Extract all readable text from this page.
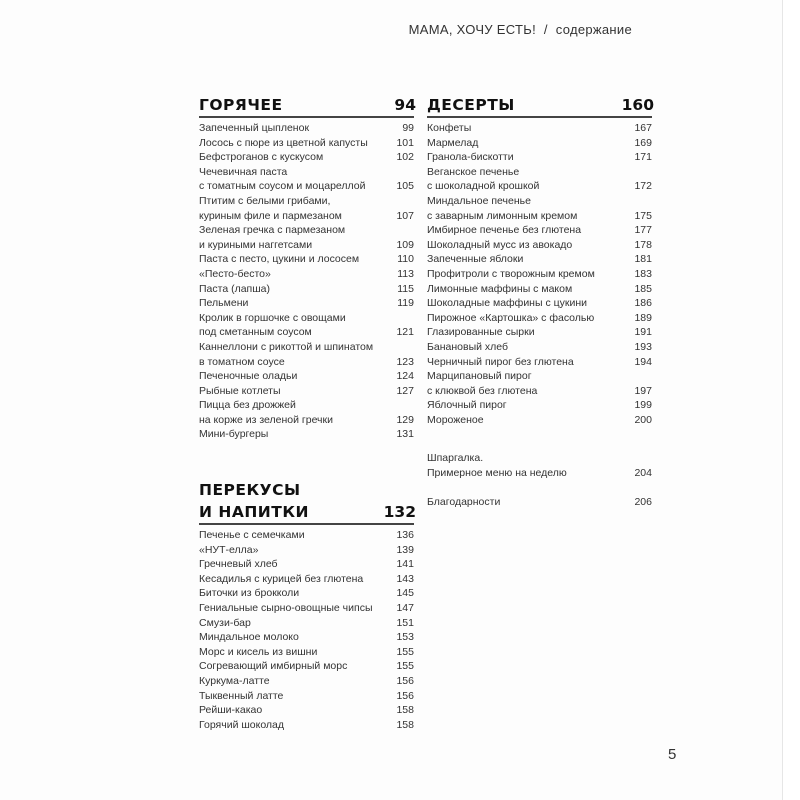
МАМА, ХОЧУ ЕСТЬ! / содержание
ГОРЯЧЕЕ	94
Запеченный цыпленок	99
Лосось с пюре из цветной капусты	101
Бефстроганов с кускусом	102
Чечевичная паста
с томатным соусом и моцареллой	105
Птитим с белыми грибами,
куриным филе и пармезаном	107
Зеленая гречка с пармезаном
и куриными наггетсами	109
Паста с песто, цукини и лососем	110
«Песто-бесто»	113
Паста (лапша)	115
Пельмени	119
Кролик в горшочке с овощами
под сметанным соусом	121
Каннеллони с рикоттой и шпинатом
в томатном соусе	123
Печеночные оладьи	124
Рыбные котлеты	127
Пицца без дрожжей
на корже из зеленой гречки	129
Мини-бургеры	131
ПЕРЕКУСЫ
И НАПИТКИ	132
Печенье с семечками	136
«НУТ-елла»	139
Гречневый хлеб	141
Кесадилья с курицей без глютена	143
Биточки из брокколи	145
Гениальные сырно-овощные чипсы	147
Смузи-бар	151
Миндальное молоко	153
Морс и кисель из вишни	155
Согревающий имбирный морс	155
Куркума-латте	156
Тыквенный латте	156
Рейши-какао	158
Горячий шоколад	158
ДЕСЕРТЫ	160
Конфеты	167
Мармелад	169
Гранола-бискотти	171
Веганское печенье
с шоколадной крошкой	172
Миндальное печенье
с заварным лимонным кремом	175
Имбирное печенье без глютена	177
Шоколадный мусс из авокадо	178
Запеченные яблоки	181
Профитроли с творожным кремом	183
Лимонные маффины с маком	185
Шоколадные маффины с цукини	186
Пирожное «Картошка» с фасолью	189
Глазированные сырки	191
Банановый хлеб	193
Черничный пирог без глютена	194
Марципановый пирог
с клюквой без глютена	197
Яблочный пирог	199
Мороженое	200
Шпаргалка.
Примерное меню на неделю	204
Благодарности	206
5
